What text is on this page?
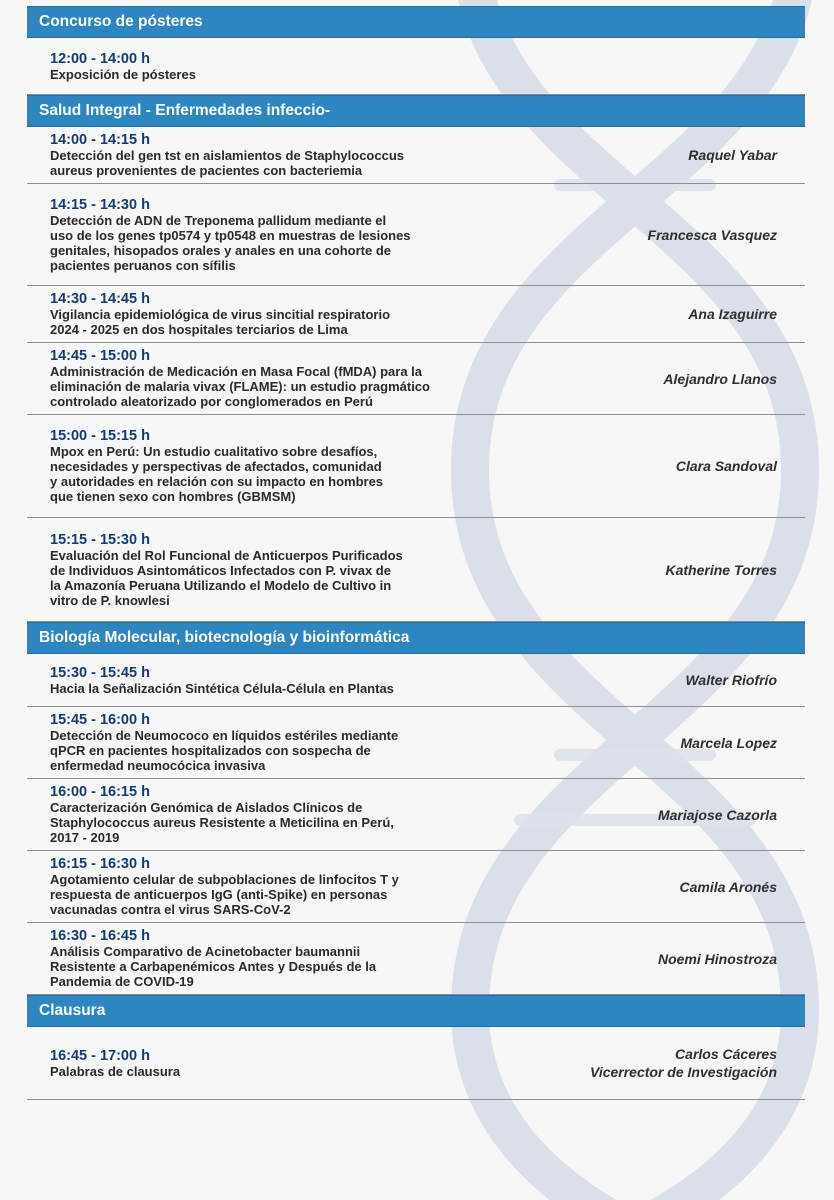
Concurso de pósteres
12:00 - 14:00 h
Exposición de pósteres
Salud Integral - Enfermedades infeccio-
14:00 - 14:15 h
Detección del gen tst en aislamientos de Staphylococcus
aureus provenientes de pacientes con bacteriemia
Raquel Yabar
14:15 - 14:30 h
Detección de ADN de Treponema pallidum mediante el
uso de los genes tp0574 y tp0548 en muestras de lesiones
genitales, hisopados orales y anales en una cohorte de
pacientes peruanos con sífilis
Francesca Vasquez
14:30 - 14:45 h
Vigilancia epidemiológica de virus sincitial respiratorio
2024 - 2025 en dos hospitales terciarios de Lima
Ana Izaguirre
14:45 - 15:00 h
Administración de Medicación en Masa Focal (fMDA) para la
eliminación de malaria vivax (FLAME): un estudio pragmático
controlado aleatorizado por conglomerados en Perú
Alejandro Llanos
15:00 - 15:15 h
Mpox en Perú: Un estudio cualitativo sobre desafíos,
necesidades y perspectivas de afectados, comunidad
y autoridades en relación con su impacto en hombres
que tienen sexo con hombres (GBMSM)
Clara Sandoval
15:15 - 15:30 h
Evaluación del Rol Funcional de Anticuerpos Purificados
de Individuos Asintomáticos Infectados con P. vivax de
la Amazonía Peruana Utilizando el Modelo de Cultivo in
vitro de P. knowlesi
Katherine Torres
Biología Molecular, biotecnología y bioinformática
15:30 - 15:45 h
Hacia la Señalización Sintética Célula-Célula en Plantas	Walter Riofrío
15:45 - 16:00 h
Detección de Neumococo en líquidos estériles mediante
qPCR en pacientes hospitalizados con sospecha de
enfermedad neumocócica invasiva
Marcela Lopez
16:00 - 16:15 h
Caracterización Genómica de Aislados Clínicos de
Staphylococcus aureus Resistente a Meticilina en Perú,
2017 - 2019
Mariajose Cazorla
16:15 - 16:30 h
Agotamiento celular de subpoblaciones de linfocitos T y
respuesta de anticuerpos IgG (anti-Spike) en personas
vacunadas contra el virus SARS-CoV-2
Camila Aronés
16:30 - 16:45 h
Análisis Comparativo de Acinetobacter baumannii
Resistente a Carbapenémicos Antes y Después de la
Pandemia de COVID-19
Noemi Hinostroza
Clausura
16:45 - 17:00 h
Palabras de clausura
Carlos Cáceres
Vicerrector de Investigación
